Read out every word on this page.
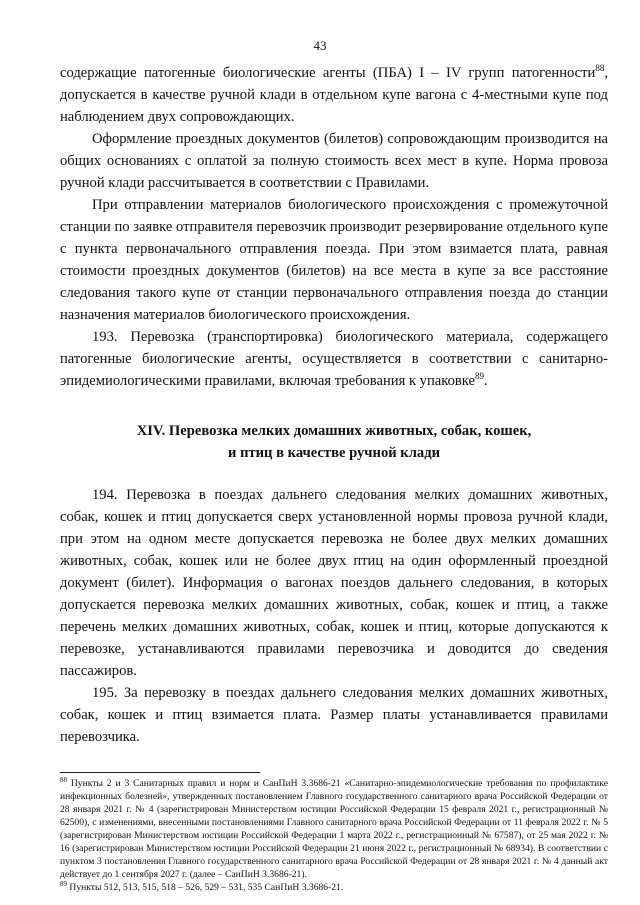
43

содержащие патогенные биологические агенты (ПБА) I – IV групп патогенности$^{88}$, допускается в качестве ручной клади в отдельном купе вагона с 4-местными купе под наблюдением двух сопровождающих.

Оформление проездных документов (билетов) сопровождающим производится на общих основаниях с оплатой за полную стоимость всех мест в купе. Норма провоза ручной клади рассчитывается в соответствии с Правилами.

При отправлении материалов биологического происхождения с промежуточной станции по заявке отправителя перевозчик производит резервирование отдельного купе с пункта первоначального отправления поезда. При этом взимается плата, равная стоимости проездных документов (билетов) на все места в купе за все расстояние следования такого купе от станции первоначального отправления поезда до станции назначения материалов биологического происхождения.

193. Перевозка (транспортировка) биологического материала, содержащего патогенные биологические агенты, осуществляется в соответствии с санитарно-эпидемиологическими правилами, включая требования к упаковке$^{89}$.

XIV. Перевозка мелких домашних животных, собак, кошек,
и птиц в качестве ручной клади

194. Перевозка в поездах дальнего следования мелких домашних животных, собак, кошек и птиц допускается сверх установленной нормы провоза ручной клади, при этом на одном месте допускается перевозка не более двух мелких домашних животных, собак, кошек или не более двух птиц на один оформленный проездной документ (билет). Информация о вагонах поездов дальнего следования, в которых допускается перевозка мелких домашних животных, собак, кошек и птиц, а также перечень мелких домашних животных, собак, кошек и птиц, которые допускаются к перевозке, устанавливаются правилами перевозчика и доводится до сведения пассажиров.

195. За перевозку в поездах дальнего следования мелких домашних животных, собак, кошек и птиц взимается плата. Размер платы устанавливается правилами перевозчика.

$^{88}$ Пункты 2 и 3 Санитарных правил и норм и СанПиН 3.3686-21 «Санитарно-эпидемиологические требования по профилактике инфекционных болезней», утвержденных постановлением Главного государственного санитарного врача Российской Федерации от 28 января 2021 г. № 4 (зарегистрирован Министерством юстиции Российской Федерации 15 февраля 2021 г., регистрационный № 62500), с изменениями, внесенными постановлениями Главного санитарного врача Российской Федерации от 11 февраля 2022 г. № 5 (зарегистрирован Министерством юстиции Российской Федерации 1 марта 2022 г., регистрационный № 67587), от 25 мая 2022 г. № 16 (зарегистрирован Министерством юстиции Российской Федерации 21 июня 2022 г., регистрационный № 68934). В соответствии с пунктом 3 постановления Главного государственного санитарного врача Российской Федерации от 28 января 2021 г. № 4 данный акт действует до 1 сентября 2027 г. (далее – СанПиН 3.3686-21).

$^{89}$ Пункты 512, 513, 515, 518 – 526, 529 – 531, 535 СанПиН 3.3686-21.
